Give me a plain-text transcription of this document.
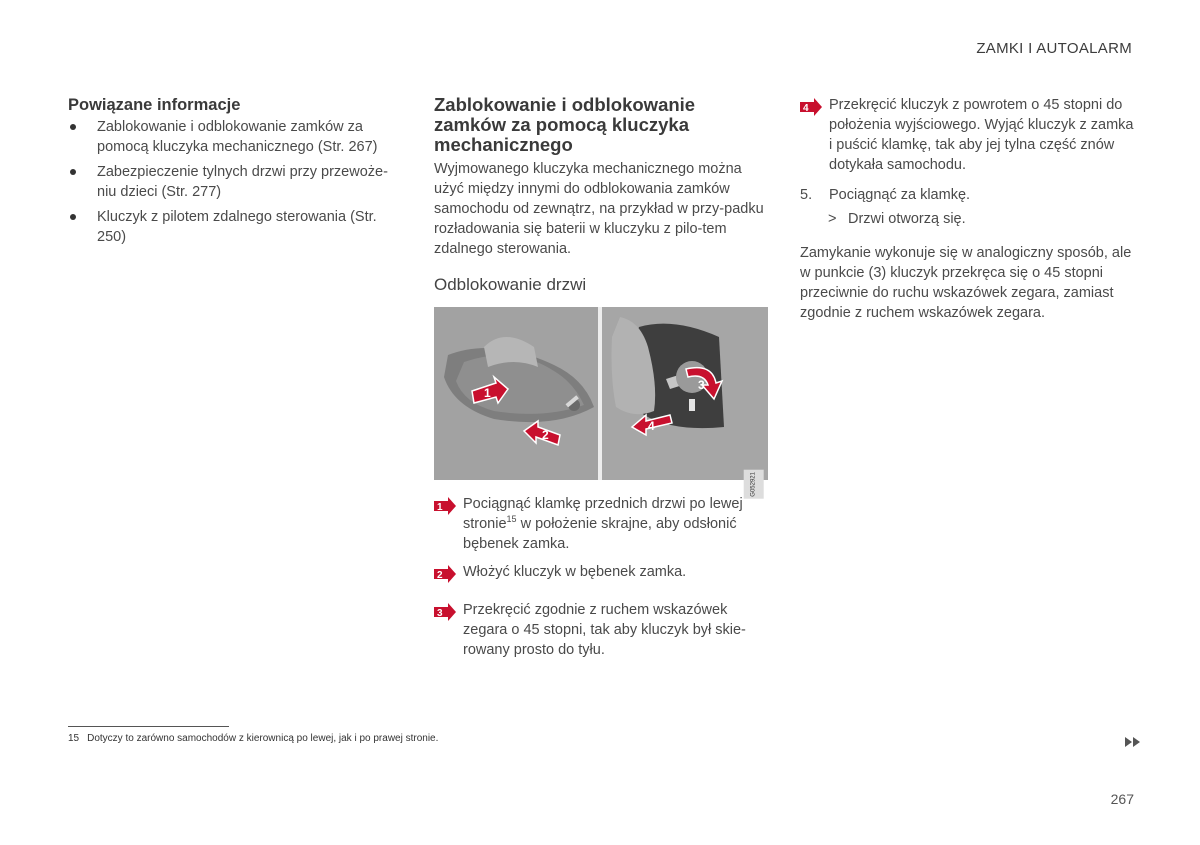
ZAMKI I AUTOALARM
Powiązane informacje
Zablokowanie i odblokowanie zamków za pomocą kluczyka mechanicznego (Str. 267)
Zabezpieczenie tylnych drzwi przy przewoże-niu dzieci (Str. 277)
Kluczyk z pilotem zdalnego sterowania (Str. 250)
Zablokowanie i odblokowanie zamków za pomocą kluczyka mechanicznego

Wyjmowanego kluczyka mechanicznego można użyć między innymi do odblokowania zamków samochodu od zewnątrz, na przykład w przy-padku rozładowania się baterii w kluczyku z pilo-tem zdalnego sterowania.

Odblokowanie drzwi
1
2
3
4
G052921
1 Pociągnąć klamkę przednich drzwi po lewej stronie$^{15}$ w położenie skrajne, aby odsłonić bębenek zamka.
2 Włożyć kluczyk w bębenek zamka.
3 Przekręcić zgodnie z ruchem wskazówek zegara o 45 stopni, tak aby kluczyk był skie-rowany prosto do tyłu.
4 Przekręcić kluczyk z powrotem o 45 stopni do położenia wyjściowego. Wyjąć kluczyk z zamka i puścić klamkę, tak aby jej tylna część znów dotykała samochodu.
5. Pociągnąć za klamkę.
> Drzwi otworzą się.

Zamykanie wykonuje się w analogiczny sposób, ale w punkcie (3) kluczyk przekręca się o 45 stopni przeciwnie do ruchu wskazówek zegara, zamiast zgodnie z ruchem wskazówek zegara.

15 Dotyczy to zarówno samochodów z kierownicą po lewej, jak i po prawej stronie.
267
